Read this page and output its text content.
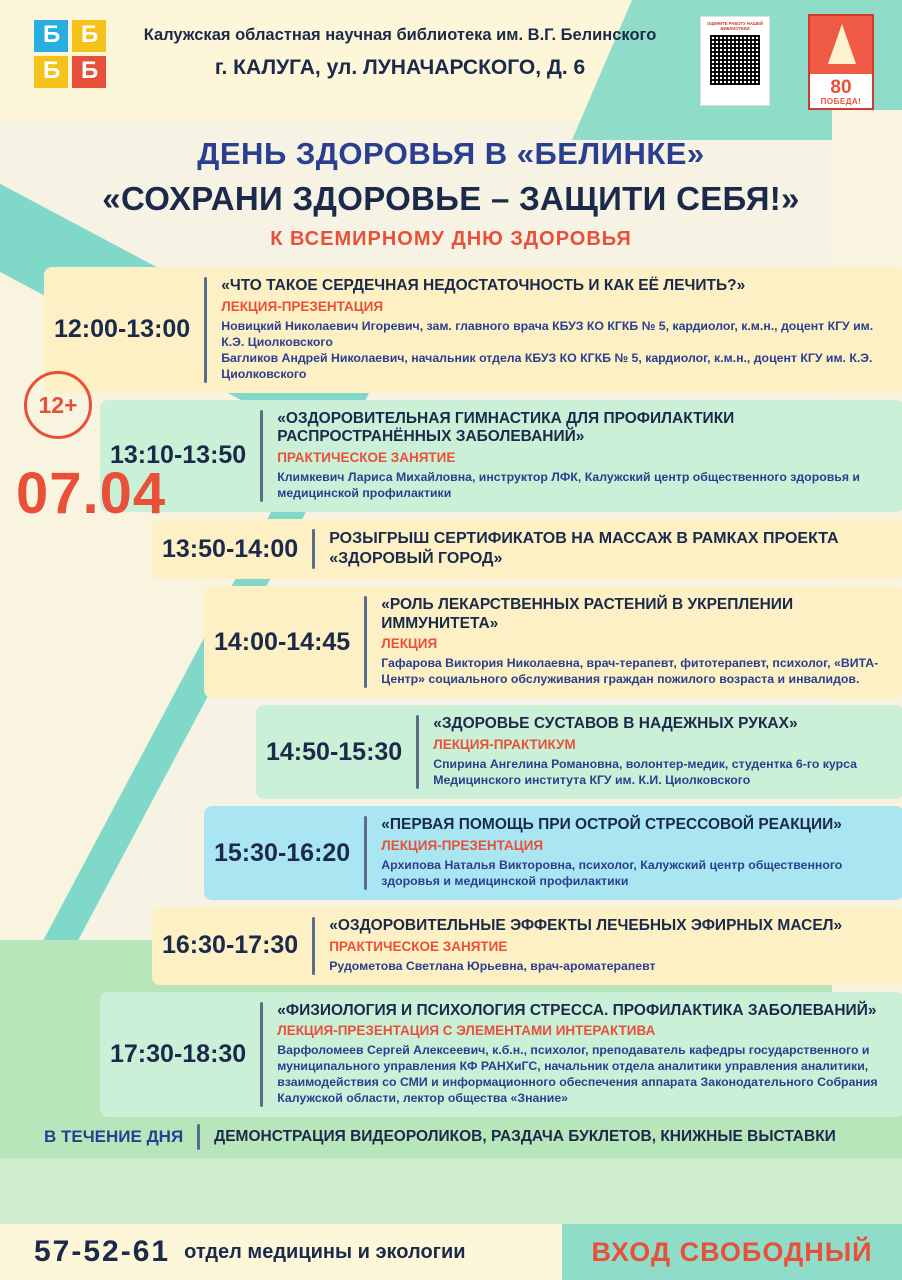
Б Б
Б Б
Калужская областная научная библиотека им. В.Г. Белинского
г. КАЛУГА, ул. ЛУНАЧАРСКОГО, Д. 6
ОЦЕНИТЕ РАБОТУ НАШЕЙ БИБЛИОТЕКИ
80
ПОБЕДА!
ДЕНЬ ЗДОРОВЬЯ В «БЕЛИНКЕ»
«СОХРАНИ ЗДОРОВЬЕ – ЗАЩИТИ СЕБЯ!»
К ВСЕМИРНОМУ ДНЮ ЗДОРОВЬЯ
12+
07.04
12:00-13:00
«ЧТО ТАКОЕ СЕРДЕЧНАЯ НЕДОСТАТОЧНОСТЬ И КАК ЕЁ ЛЕЧИТЬ?»
ЛЕКЦИЯ-ПРЕЗЕНТАЦИЯ
Новицкий Николаевич Игоревич, зам. главного врача КБУЗ КО КГКБ № 5, кардиолог, к.м.н., доцент КГУ им. К.Э. Циолковского
Багликов Андрей Николаевич, начальник отдела КБУЗ КО КГКБ № 5, кардиолог, к.м.н., доцент КГУ им. К.Э. Циолковского
13:10-13:50
«ОЗДОРОВИТЕЛЬНАЯ ГИМНАСТИКА ДЛЯ ПРОФИЛАКТИКИ РАСПРОСТРАНЁННЫХ ЗАБОЛЕВАНИЙ»
ПРАКТИЧЕСКОЕ ЗАНЯТИЕ
Климкевич Лариса Михайловна, инструктор ЛФК, Калужский центр общественного здоровья и медицинской профилактики
13:50-14:00	РОЗЫГРЫШ СЕРТИФИКАТОВ НА МАССАЖ В РАМКАХ ПРОЕКТА «ЗДОРОВЫЙ ГОРОД»
14:00-14:45
«РОЛЬ ЛЕКАРСТВЕННЫХ РАСТЕНИЙ В УКРЕПЛЕНИИ ИММУНИТЕТА»
ЛЕКЦИЯ
Гафарова Виктория Николаевна, врач-терапевт, фитотерапевт, психолог, «ВИТА-Центр» социального обслуживания граждан пожилого возраста и инвалидов.
14:50-15:30
«ЗДОРОВЬЕ СУСТАВОВ В НАДЕЖНЫХ РУКАХ»
ЛЕКЦИЯ-ПРАКТИКУМ
Спирина Ангелина Романовна, волонтер-медик, студентка 6-го курса Медицинского института КГУ им. К.И. Циолковского
15:30-16:20
«ПЕРВАЯ ПОМОЩЬ ПРИ ОСТРОЙ СТРЕССОВОЙ РЕАКЦИИ»
ЛЕКЦИЯ-ПРЕЗЕНТАЦИЯ
Архипова Наталья Викторовна, психолог, Калужский центр общественного здоровья и медицинской профилактики
16:30-17:30
«ОЗДОРОВИТЕЛЬНЫЕ ЭФФЕКТЫ ЛЕЧЕБНЫХ ЭФИРНЫХ МАСЕЛ»
ПРАКТИЧЕСКОЕ ЗАНЯТИЕ
Рудометова Светлана Юрьевна, врач-ароматерапевт
17:30-18:30
«ФИЗИОЛОГИЯ И ПСИХОЛОГИЯ СТРЕССА. ПРОФИЛАКТИКА ЗАБОЛЕВАНИЙ»
ЛЕКЦИЯ-ПРЕЗЕНТАЦИЯ С ЭЛЕМЕНТАМИ ИНТЕРАКТИВА
Варфоломеев Сергей Алексеевич, к.б.н., психолог, преподаватель кафедры государственного и муниципального управления КФ РАНХиГС, начальник отдела аналитики управления аналитики, взаимодействия со СМИ и информационного обеспечения аппарата Законодательного Собрания Калужской области, лектор общества «Знание»
В ТЕЧЕНИЕ ДНЯ	ДЕМОНСТРАЦИЯ ВИДЕОРОЛИКОВ, РАЗДАЧА БУКЛЕТОВ, КНИЖНЫЕ ВЫСТАВКИ
57-52-61 отдел медицины и экологии	ВХОД СВОБОДНЫЙ
